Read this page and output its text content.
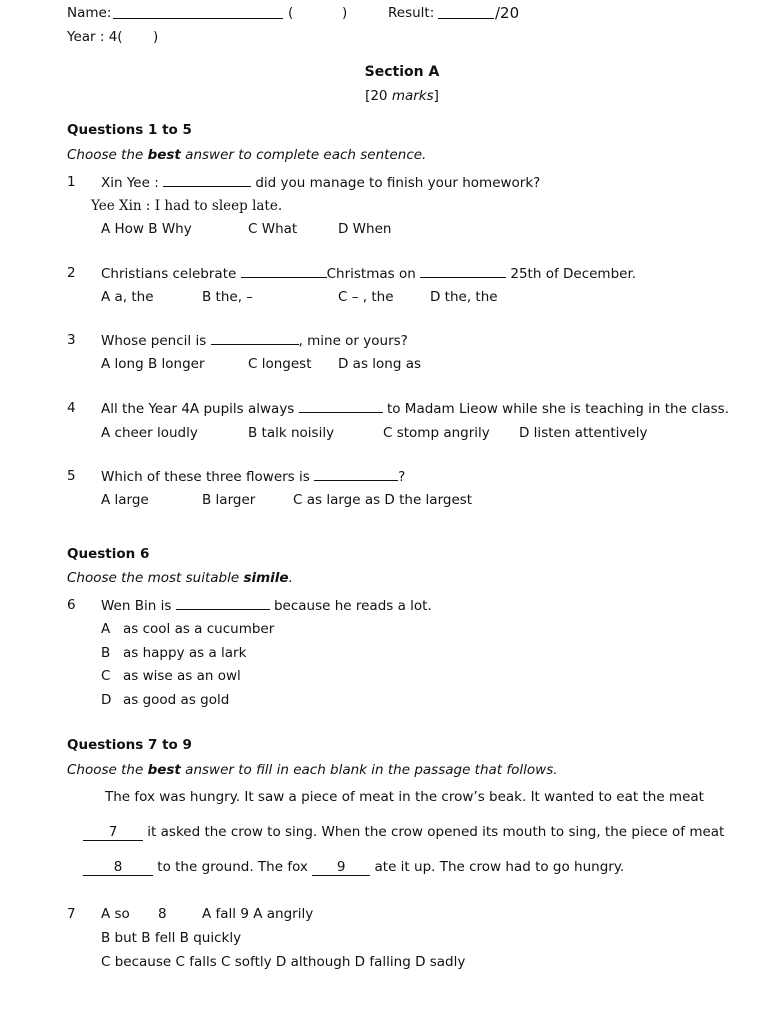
Name:	(	)	Result:	/20
Year : 4( )
Section A
[20 marks]
Questions 1 to 5
Choose the best answer to complete each sentence.
1 Xin Yee :	did you manage to finish your homework?
Yee Xin : I had to sleep late.
A How B Why	C What	D When
2 Christians celebrate	Christmas on	25th of December.
A a, the	B the, –	C – , the	D the, the
3 Whose pencil is	, mine or yours?
A long B longer	C longest D as long as
4 All the Year 4A pupils always	to Madam Lieow while she is teaching in the class.
A cheer loudly	B talk noisily	C stomp angrily D listen attentively
5 Which of these three flowers is	?
A large	B larger	C as large as D the largest
Question 6
Choose the most suitable simile.
6 Wen Bin is	because he reads a lot.
A as cool as a cucumber
B as happy as a lark
C as wise as an owl
D as good as gold
Questions 7 to 9
Choose the best answer to fill in each blank in the passage that follows.
The fox was hungry. It saw a piece of meat in the crow’s beak. It wanted to eat the meat
7 it asked the crow to sing. When the crow opened its mouth to sing, the piece of meat
8	to the ground. The fox 9 ate it up. The crow had to go hungry.
7 A so 8	A fall 9 A angrily
B but B fell B quickly
C because C falls C softly D although D falling D sadly
